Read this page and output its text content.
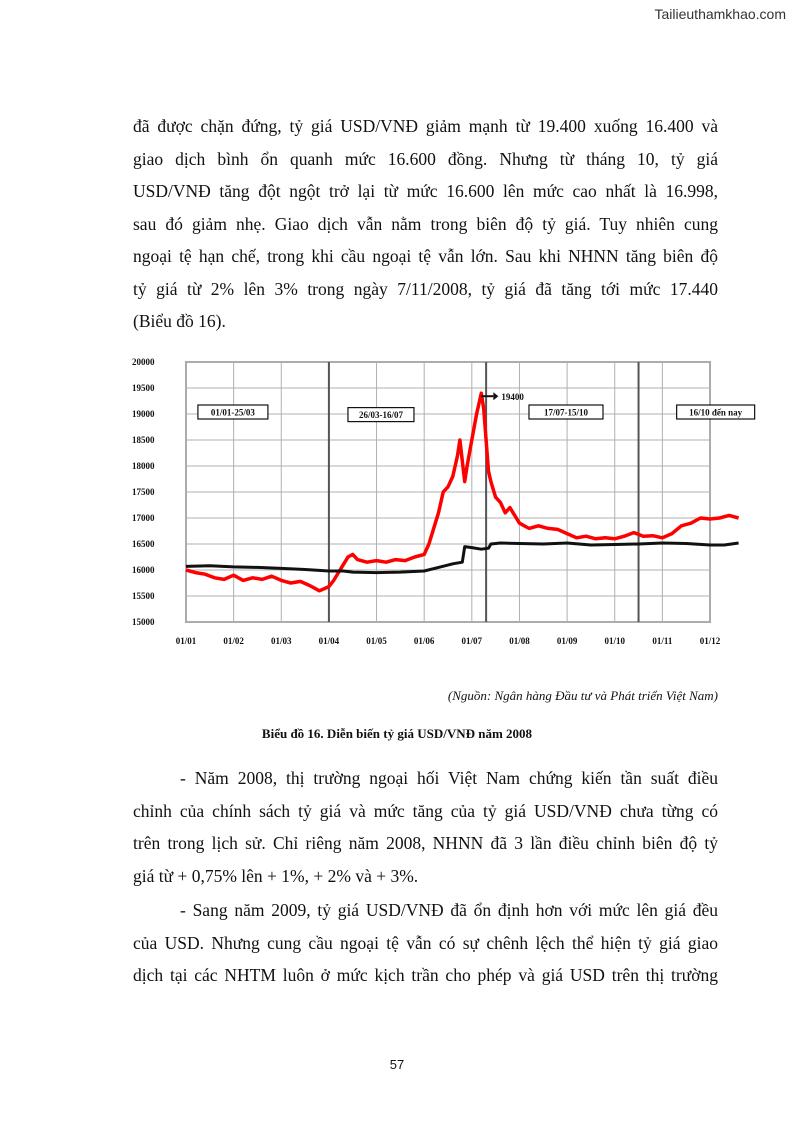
Tailieuthamkhao.com
đã được chặn đứng, tỷ giá USD/VNĐ giảm mạnh từ 19.400 xuống 16.400 và
giao dịch bình ổn quanh mức 16.600 đồng. Nhưng từ tháng 10, tỷ giá
USD/VNĐ tăng đột ngột trở lại từ mức 16.600 lên mức cao nhất là 16.998,
sau đó giảm nhẹ. Giao dịch vẫn nằm trong biên độ tỷ giá. Tuy nhiên cung
ngoại tệ hạn chế, trong khi cầu ngoại tệ vẫn lớn. Sau khi NHNN tăng biên độ
tỷ giá từ 2% lên 3% trong ngày 7/11/2008, tỷ giá đã tăng tới mức 17.440
(Biểu đồ 16).
20000
19500
19000
18500
18000
17500
17000
16500
16000
15500
15000
01/01	01/02	01/03	01/04	01/05	01/06	01/07	01/08	01/09	01/10	01/11	01/12
01/01-25/03	26/03-16/07	17/07-15/10	16/10 đến nay
19400
(Nguồn: Ngân hàng Đầu tư và Phát triển Việt Nam)
Biểu đồ 16. Diễn biến tỷ giá USD/VNĐ năm 2008
- Năm 2008, thị trường ngoại hối Việt Nam chứng kiến tần suất điều
chỉnh của chính sách tỷ giá và mức tăng của tỷ giá USD/VNĐ chưa từng có
trên trong lịch sử. Chỉ riêng năm 2008, NHNN đã 3 lần điều chỉnh biên độ tỷ
giá từ + 0,75% lên + 1%, + 2% và + 3%.
- Sang năm 2009, tỷ giá USD/VNĐ đã ổn định hơn với mức lên giá đều
của USD. Nhưng cung cầu ngoại tệ vẫn có sự chênh lệch thể hiện tỷ giá giao
dịch tại các NHTM luôn ở mức kịch trần cho phép và giá USD trên thị trường
57
